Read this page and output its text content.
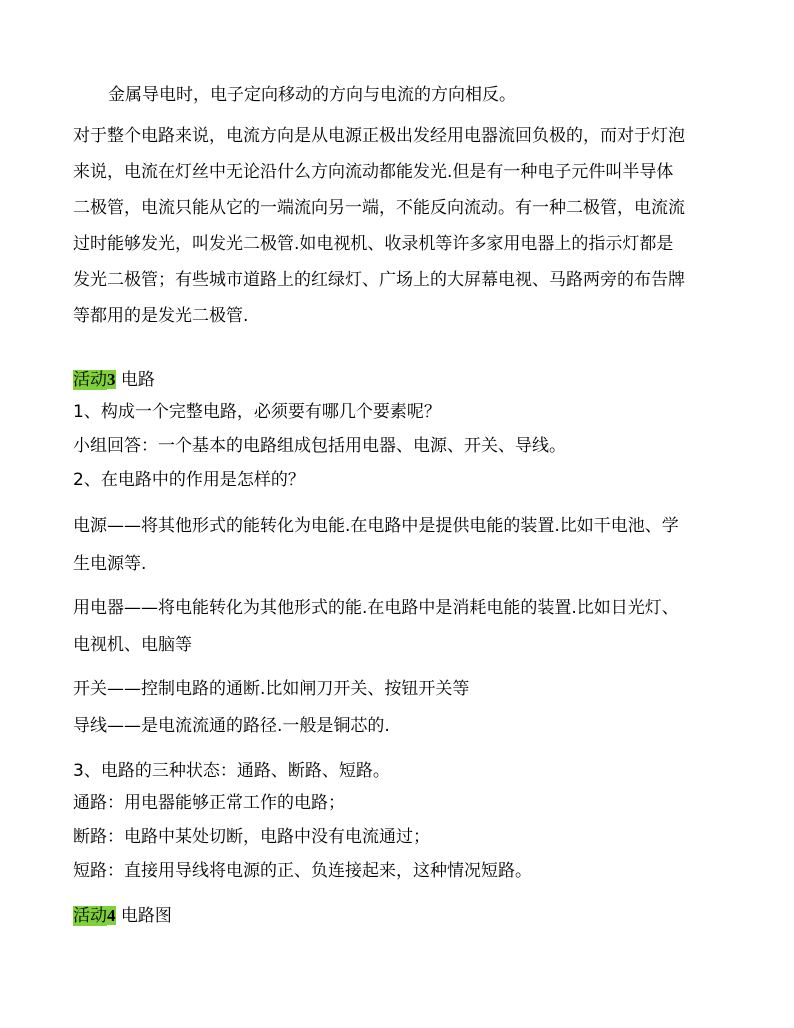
金属导电时，电子定向移动的方向与电流的方向相反。
对于整个电路来说，电流方向是从电源正极出发经用电器流回负极的，而对于灯泡
来说，电流在灯丝中无论沿什么方向流动都能发光.但是有一种电子元件叫半导体
二极管，电流只能从它的一端流向另一端，不能反向流动。有一种二极管，电流流
过时能够发光，叫发光二极管.如电视机、收录机等许多家用电器上的指示灯都是
发光二极管；有些城市道路上的红绿灯、广场上的大屏幕电视、马路两旁的布告牌
等都用的是发光二极管.
活动3 电路
1、构成一个完整电路，必须要有哪几个要素呢？
小组回答：一个基本的电路组成包括用电器、电源、开关、导线。
2、在电路中的作用是怎样的？
电源——将其他形式的能转化为电能.在电路中是提供电能的装置.比如干电池、学
生电源等.
用电器——将电能转化为其他形式的能.在电路中是消耗电能的装置.比如日光灯、
电视机、电脑等
开关——控制电路的通断.比如闸刀开关、按钮开关等
导线——是电流流通的路径.一般是铜芯的.
3、电路的三种状态：通路、断路、短路。
通路：用电器能够正常工作的电路；
断路：电路中某处切断，电路中没有电流通过；
短路：直接用导线将电源的正、负连接起来，这种情况短路。
活动4 电路图
